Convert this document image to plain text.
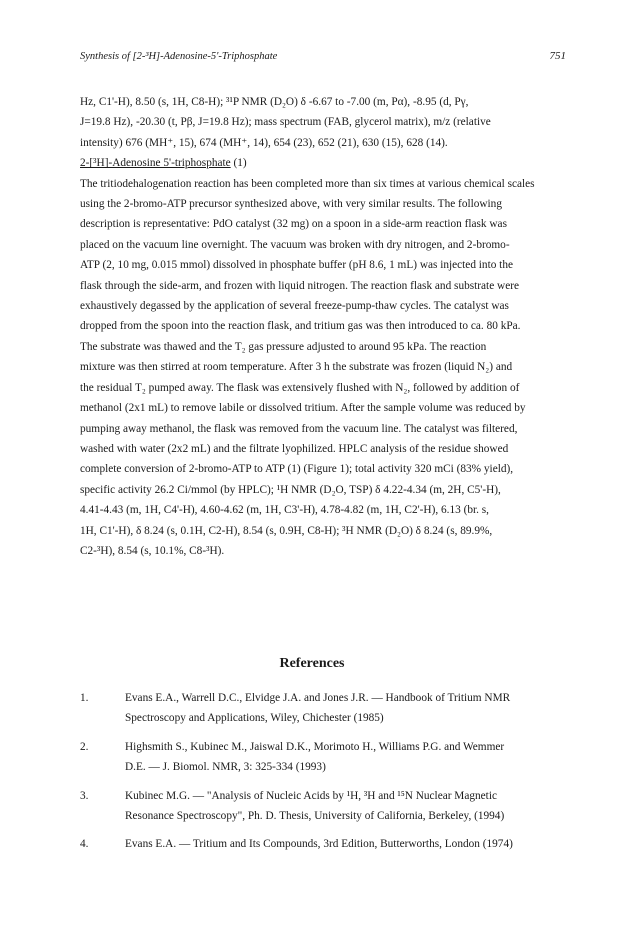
Synthesis of [2-³H]-Adenosine-5'-Triphosphate	751

Hz, C1'-H), 8.50 (s, 1H, C8-H); ³¹P NMR (D₂O) δ -6.67 to -7.00 (m, Pα), -8.95 (d, Pγ,
J=19.8 Hz), -20.30 (t, Pβ, J=19.8 Hz); mass spectrum (FAB, glycerol matrix), m/z (relative
intensity) 676 (MH⁺, 15), 674 (MH⁺, 14), 654 (23), 652 (21), 630 (15), 628 (14).

2-[³H]-Adenosine 5'-triphosphate (1)

The tritiodehalogenation reaction has been completed more than six times at various chemical scales
using the 2-bromo-ATP precursor synthesized above, with very similar results. The following
description is representative: PdO catalyst (32 mg) on a spoon in a side-arm reaction flask was
placed on the vacuum line overnight. The vacuum was broken with dry nitrogen, and 2-bromo-
ATP (2, 10 mg, 0.015 mmol) dissolved in phosphate buffer (pH 8.6, 1 mL) was injected into the
flask through the side-arm, and frozen with liquid nitrogen. The reaction flask and substrate were
exhaustively degassed by the application of several freeze-pump-thaw cycles. The catalyst was
dropped from the spoon into the reaction flask, and tritium gas was then introduced to ca. 80 kPa.
The substrate was thawed and the T₂ gas pressure adjusted to around 95 kPa. The reaction
mixture was then stirred at room temperature. After 3 h the substrate was frozen (liquid N₂) and
the residual T₂ pumped away. The flask was extensively flushed with N₂, followed by addition of
methanol (2x1 mL) to remove labile or dissolved tritium. After the sample volume was reduced by
pumping away methanol, the flask was removed from the vacuum line. The catalyst was filtered,
washed with water (2x2 mL) and the filtrate lyophilized. HPLC analysis of the residue showed
complete conversion of 2-bromo-ATP to ATP (1) (Figure 1); total activity 320 mCi (83% yield),
specific activity 26.2 Ci/mmol (by HPLC); ¹H NMR (D₂O, TSP) δ 4.22-4.34 (m, 2H, C5'-H),
4.41-4.43 (m, 1H, C4'-H), 4.60-4.62 (m, 1H, C3'-H), 4.78-4.82 (m, 1H, C2'-H), 6.13 (br. s,
1H, C1'-H), δ 8.24 (s, 0.1H, C2-H), 8.54 (s, 0.9H, C8-H); ³H NMR (D₂O) δ 8.24 (s, 89.9%,
C2-³H), 8.54 (s, 10.1%, C8-³H).

References
1.	Evans E.A., Warrell D.C., Elvidge J.A. and Jones J.R. — Handbook of Tritium NMR
Spectroscopy and Applications, Wiley, Chichester (1985)
2.	Highsmith S., Kubinec M., Jaiswal D.K., Morimoto H., Williams P.G. and Wemmer
D.E. — J. Biomol. NMR, 3: 325-334 (1993)
3.	Kubinec M.G. — "Analysis of Nucleic Acids by ¹H, ³H and ¹⁵N Nuclear Magnetic
Resonance Spectroscopy", Ph. D. Thesis, University of California, Berkeley, (1994)
4.	Evans E.A. — Tritium and Its Compounds, 3rd Edition, Butterworths, London (1974)
